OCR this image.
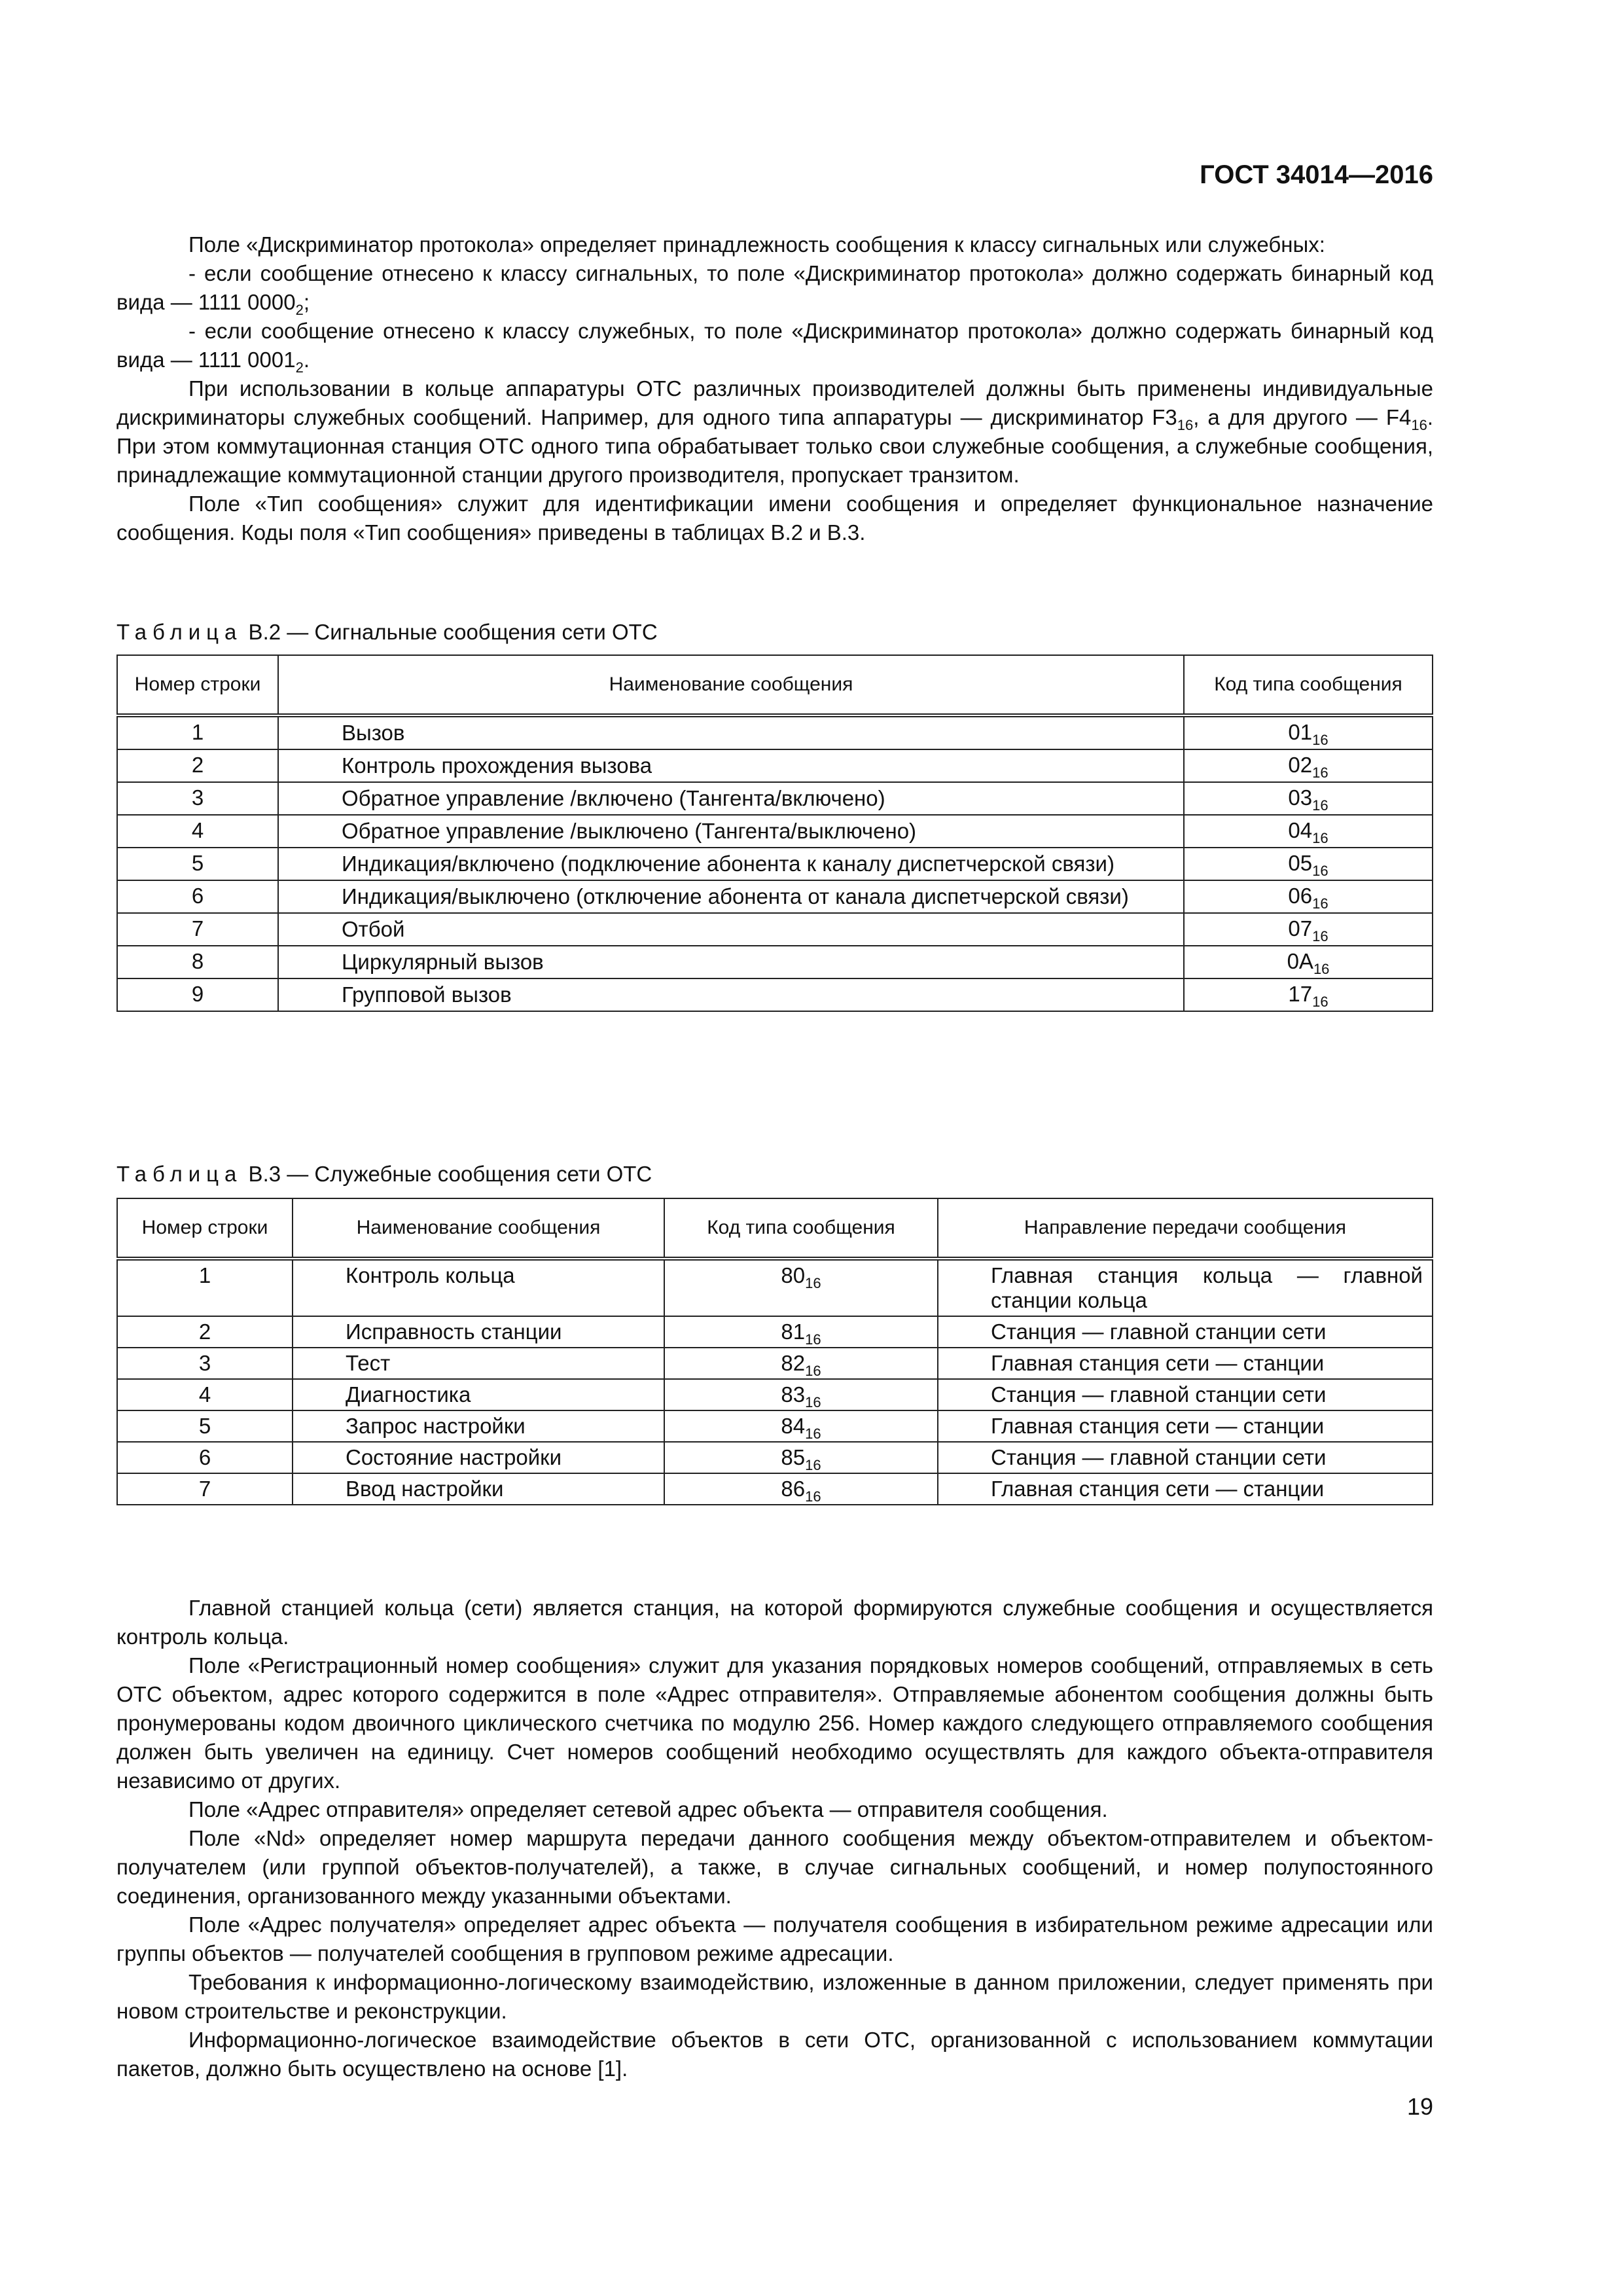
ГОСТ 34014—2016

Поле «Дискриминатор протокола» определяет принадлежность сообщения к классу сигнальных или служебных:

- если сообщение отнесено к классу сигнальных, то поле «Дискриминатор протокола» должно содержать бинарный код вида — 1111 $0000_2$;

- если сообщение отнесено к классу служебных, то поле «Дискриминатор протокола» должно содержать бинарный код вида — 1111 $0001_2$.

При использовании в кольце аппаратуры ОТС различных производителей должны быть применены индивидуальные дискриминаторы служебных сообщений. Например, для одного типа аппаратуры — дискриминатор $F3_{16}$, а для другого — $F4_{16}$. При этом коммутационная станция ОТС одного типа обрабатывает только свои служебные сообщения, а служебные сообщения, принадлежащие коммутационной станции другого производителя, пропускает транзитом.

Поле «Тип сообщения» служит для идентификации имени сообщения и определяет функциональное назначение сообщения. Коды поля «Тип сообщения» приведены в таблицах В.2 и В.3.

Таблица В.2 — Сигнальные сообщения сети ОТС
Номер строки	Наименование сообщения	Код типа сообщения
1	Вызов	$01_{16}$
2	Контроль прохождения вызова	$02_{16}$
3	Обратное управление /включено (Тангента/включено)	$03_{16}$
4	Обратное управление /выключено (Тангента/выключено)	$04_{16}$
5	Индикация/включено (подключение абонента к каналу диспетчерской связи)	$05_{16}$
6	Индикация/выключено (отключение абонента от канала диспетчерской связи)	$06_{16}$
7	Отбой	$07_{16}$
8	Циркулярный вызов	$0A_{16}$
9	Групповой вызов	$17_{16}$
Таблица В.3 — Служебные сообщения сети ОТС
Номер строки	Наименование сообщения	Код типа сообщения	Направление передачи сообщения
1	Контроль кольца	$80_{16}$	Главная станция кольца — главной станции кольца
2	Исправность станции	$81_{16}$	Станция — главной станции сети
3	Тест	$82_{16}$	Главная станция сети — станции
4	Диагностика	$83_{16}$	Станция — главной станции сети
5	Запрос настройки	$84_{16}$	Главная станция сети — станции
6	Состояние настройки	$85_{16}$	Станция — главной станции сети
7	Ввод настройки	$86_{16}$	Главная станция сети — станции

Главной станцией кольца (сети) является станция, на которой формируются служебные сообщения и осуществляется контроль кольца.

Поле «Регистрационный номер сообщения» служит для указания порядковых номеров сообщений, отправляемых в сеть ОТС объектом, адрес которого содержится в поле «Адрес отправителя». Отправляемые абонентом сообщения должны быть пронумерованы кодом двоичного циклического счетчика по модулю 256. Номер каждого следующего отправляемого сообщения должен быть увеличен на единицу. Счет номеров сообщений необходимо осуществлять для каждого объекта-отправителя независимо от других.

Поле «Адрес отправителя» определяет сетевой адрес объекта — отправителя сообщения.

Поле «Nd» определяет номер маршрута передачи данного сообщения между объектом-отправителем и объектом-получателем (или группой объектов-получателей), а также, в случае сигнальных сообщений, и номер полупостоянного соединения, организованного между указанными объектами.

Поле «Адрес получателя» определяет адрес объекта — получателя сообщения в избирательном режиме адресации или группы объектов — получателей сообщения в групповом режиме адресации.

Требования к информационно-логическому взаимодействию, изложенные в данном приложении, следует применять при новом строительстве и реконструкции.

Информационно-логическое взаимодействие объектов в сети ОТС, организованной с использованием коммутации пакетов, должно быть осуществлено на основе [1].

19
